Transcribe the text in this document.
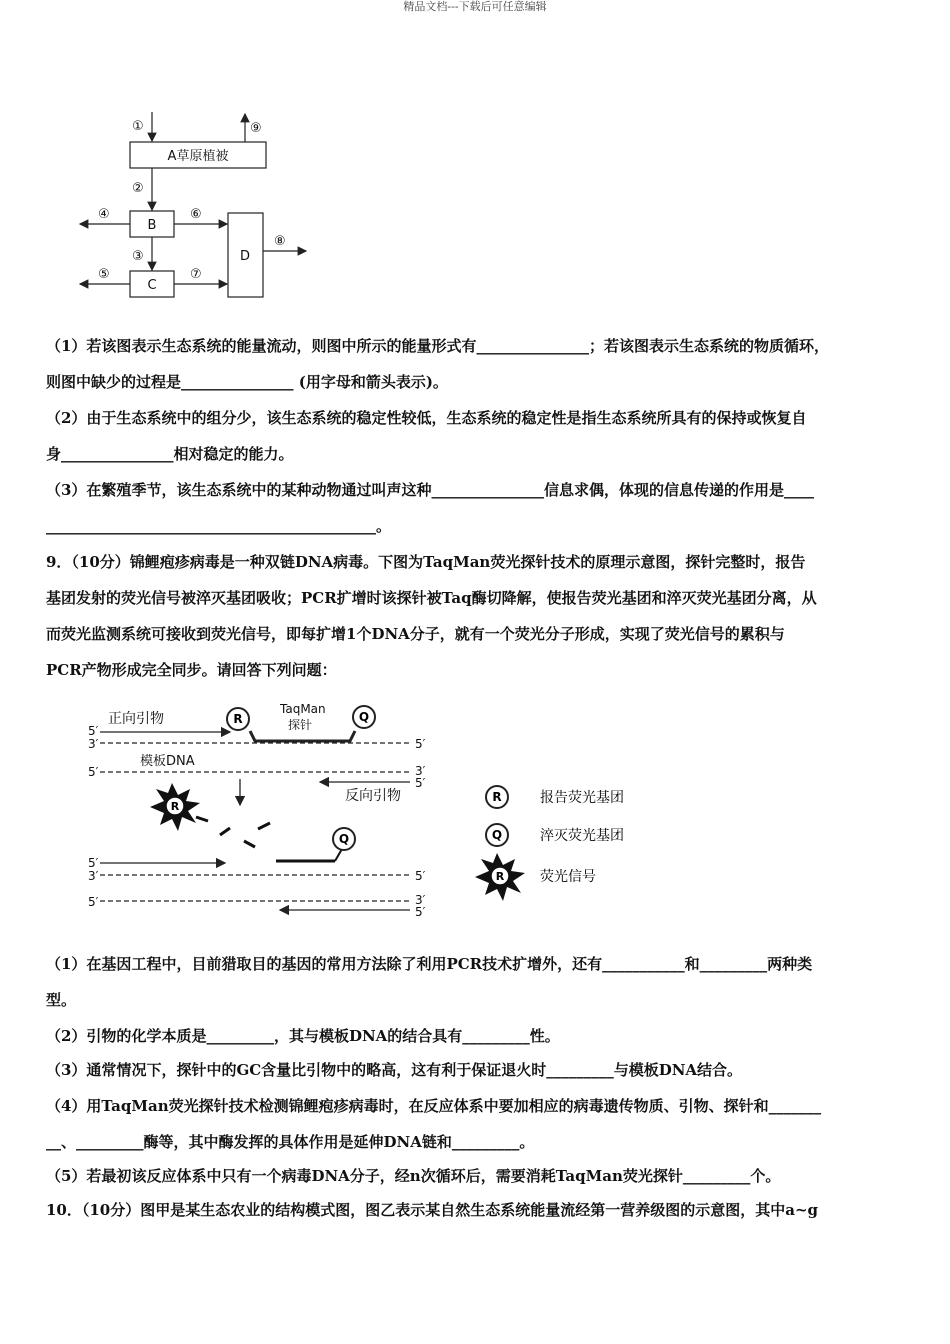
精品文档---下载后可任意编辑
A草原植被
B
C
D
①	⑨
②
③
④	⑥
⑤	⑦
⑧
（1）若该图表示生态系统的能量流动，则图中所示的能量形式有_______________；若该图表示生态系统的物质循环，
则图中缺少的过程是_______________ (用字母和箭头表示)。
（2）由于生态系统中的组分少，该生态系统的稳定性较低，生态系统的稳定性是指生态系统所具有的保持或恢复自
身_______________相对稳定的能力。
（3）在繁殖季节，该生态系统中的某种动物通过叫声这种_______________信息求偶，体现的信息传递的作用是____
____________________________________________。
9．（10分）锦鲤疱疹病毒是一种双链DNA病毒。下图为TaqMan荧光探针技术的原理示意图，探针完整时，报告
基团发射的荧光信号被淬灭基团吸收；PCR扩增时该探针被Taq酶切降解，使报告荧光基团和淬灭荧光基团分离，从
而荧光监测系统可接收到荧光信号，即每扩增1个DNA分子，就有一个荧光分子形成，实现了荧光信号的累积与
PCR产物形成完全同步。请回答下列问题：
R	Q
R
Q
正向引物
TaqMan
探针
模板DNA
反向引物
5′
3′	5′
5′	3′
5′
5′
3′	5′
5′	3′
5′
R	报告荧光基团
Q	淬灭荧光基团
R	荧光信号
（1）在基因工程中，目前猎取目的基因的常用方法除了利用PCR技术扩增外，还有___________和_________两种类
型。
（2）引物的化学本质是_________，其与模板DNA的结合具有_________性。
（3）通常情况下，探针中的GC含量比引物中的略高，这有利于保证退火时_________与模板DNA结合。
（4）用TaqMan荧光探针技术检测锦鲤疱疹病毒时，在反应体系中要加相应的病毒遗传物质、引物、探针和_______
__、_________酶等，其中酶发挥的具体作用是延伸DNA链和_________。
（5）若最初该反应体系中只有一个病毒DNA分子，经n次循环后，需要消耗TaqMan荧光探针_________个。
10．（10分）图甲是某生态农业的结构模式图，图乙表示某自然生态系统能量流经第一营养级图的示意图，其中a~g
